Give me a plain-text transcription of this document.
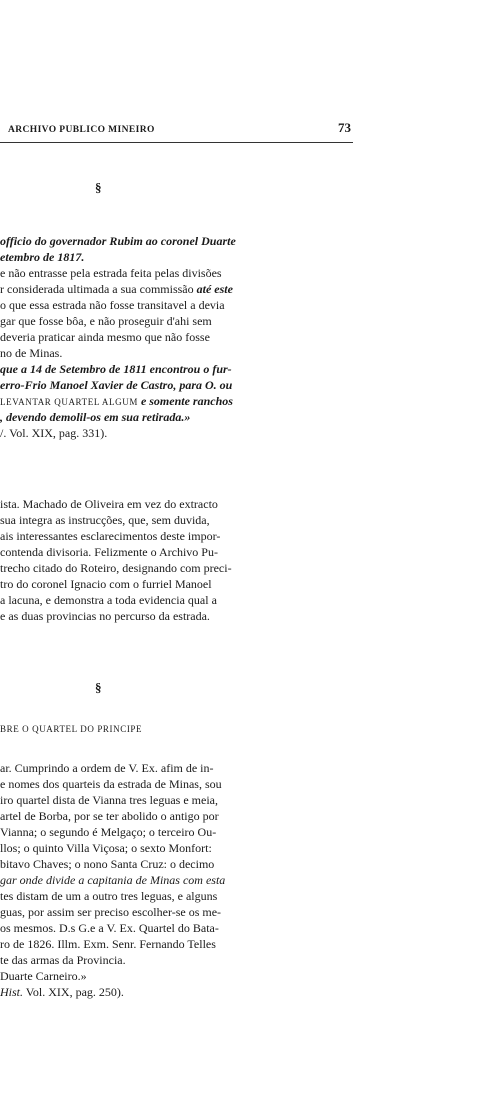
ARCHIVO PUBLICO MINEIRO	73
§
officio do governador Rubim ao coronel Duarte
etembro de 1817.
e não entrasse pela estrada feita pelas divisões
r considerada ultimada a sua commissão até este
o que essa estrada não fosse transitavel a devia
gar que fosse bôa, e não proseguir d'ahi sem
deveria praticar ainda mesmo que não fosse
no de Minas.
que a 14 de Setembro de 1811 encontrou o fur-
erro-Frio Manoel Xavier de Castro, para O. ou
LEVANTAR QUARTEL ALGUM e somente ranchos
, devendo demolil-os em sua retirada.»
/. Vol. XIX, pag. 331).
ista. Machado de Oliveira em vez do extracto
sua integra as instrucções, que, sem duvida,
ais interessantes esclarecimentos deste impor-
contenda divisoria. Felizmente o Archivo Pu-
trecho citado do Roteiro, designando com preci-
tro do coronel Ignacio com o furriel Manoel
a lacuna, e demonstra a toda evidencia qual a
e as duas provincias no percurso da estrada.
§
BRE O QUARTEL DO PRINCIPE
ar. Cumprindo a ordem de V. Ex. afim de in-
e nomes dos quarteis da estrada de Minas, sou
iro quartel dista de Vianna tres leguas e meia,
artel de Borba, por se ter abolido o antigo por
Vianna; o segundo é Melgaço; o terceiro Ou-
llos; o quinto Villa Viçosa; o sexto Monfort:
bitavo Chaves; o nono Santa Cruz: o decimo
gar onde divide a capitania de Minas com esta
tes distam de um a outro tres leguas, e alguns
guas, por assim ser preciso escolher-se os me-
os mesmos. D.s G.e a V. Ex. Quartel do Bata-
ro de 1826. Illm. Exm. Senr. Fernando Telles
te das armas da Provincia.
Duarte Carneiro.»
Hist. Vol. XIX, pag. 250).
